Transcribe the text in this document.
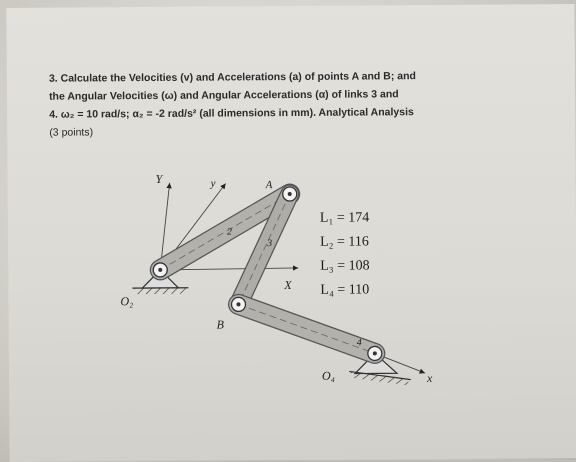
3. Calculate the Velocities (v) and Accelerations (a) of points A and B; and
the Angular Velocities (ω) and Angular Accelerations (α) of links 3 and
4. ω₂ = 10 rad/s; α₂ = -2 rad/s² (all dimensions in mm). Analytical Analysis
(3 points)
Y	y	A
X
B
O₂
O₄	x
2
3
4
L₁ = 174
L₂ = 116
L₃ = 108
L₄ = 110
